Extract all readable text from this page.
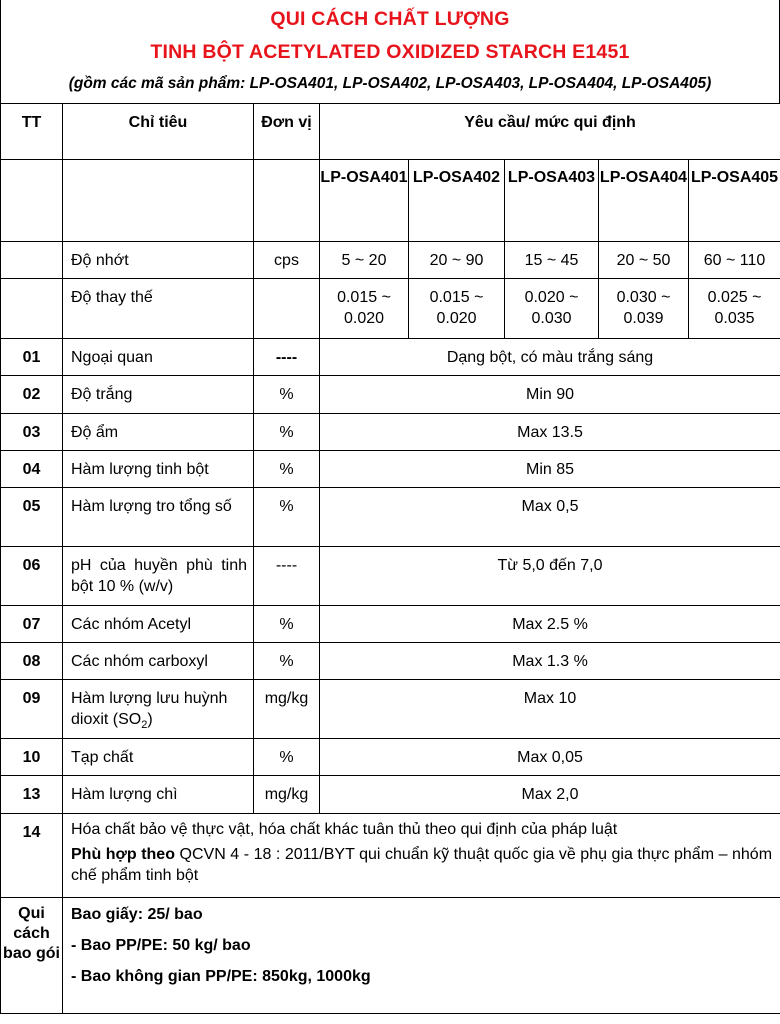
QUI CÁCH CHẤT LƯỢNG
TINH BỘT ACETYLATED OXIDIZED STARCH E1451
(gồm các mã sản phẩm: LP-OSA401, LP-OSA402, LP-OSA403, LP-OSA404, LP-OSA405)
TT	Chỉ tiêu	Đơn vị	Yêu cầu/ mức qui định				
			LP-OSA401	LP-OSA402	LP-OSA403	LP-OSA404	LP-OSA405
	Độ nhớt	cps	5 ~ 20	20 ~ 90	15 ~ 45	20 ~ 50	60 ~ 110
	Độ thay thế		0.015 ~ 0.020	0.015 ~ 0.020	0.020 ~ 0.030	0.030 ~ 0.039	0.025 ~ 0.035
01	Ngoại quan	----	Dạng bột, có màu trắng sáng				
02	Độ trắng	%	Min 90				
03	Độ ẩm	%	Max 13.5				
04	Hàm lượng tinh bột	%	Min 85				
05	Hàm lượng tro tổng số	%	Max 0,5				
06	pH của huyền phù tinh bột 10 % (w/v)	----	Từ 5,0 đến 7,0				
07	Các nhóm Acetyl	%	Max 2.5 %				
08	Các nhóm carboxyl	%	Max 1.3 %				
09	Hàm lượng lưu huỳnh dioxit $(SO_2)$	mg/kg	Max 10				
10	Tạp chất	%	Max 0,05				
13	Hàm lượng chì	mg/kg	Max 2,0				
14	Hóa chất bảo vệ thực vật, hóa chất khác tuân thủ theo qui định của pháp luật

Phù hợp theo QCVN 4 - 18 : 2011/BYT qui chuẩn kỹ thuật quốc gia về phụ gia thực phẩm – nhóm chế phẩm tinh bột						

Qui cách bao gói	Bao giấy: 25/ bao

- Bao PP/PE: 50 kg/ bao

- Bao không gian PP/PE: 850kg, 1000kg						
